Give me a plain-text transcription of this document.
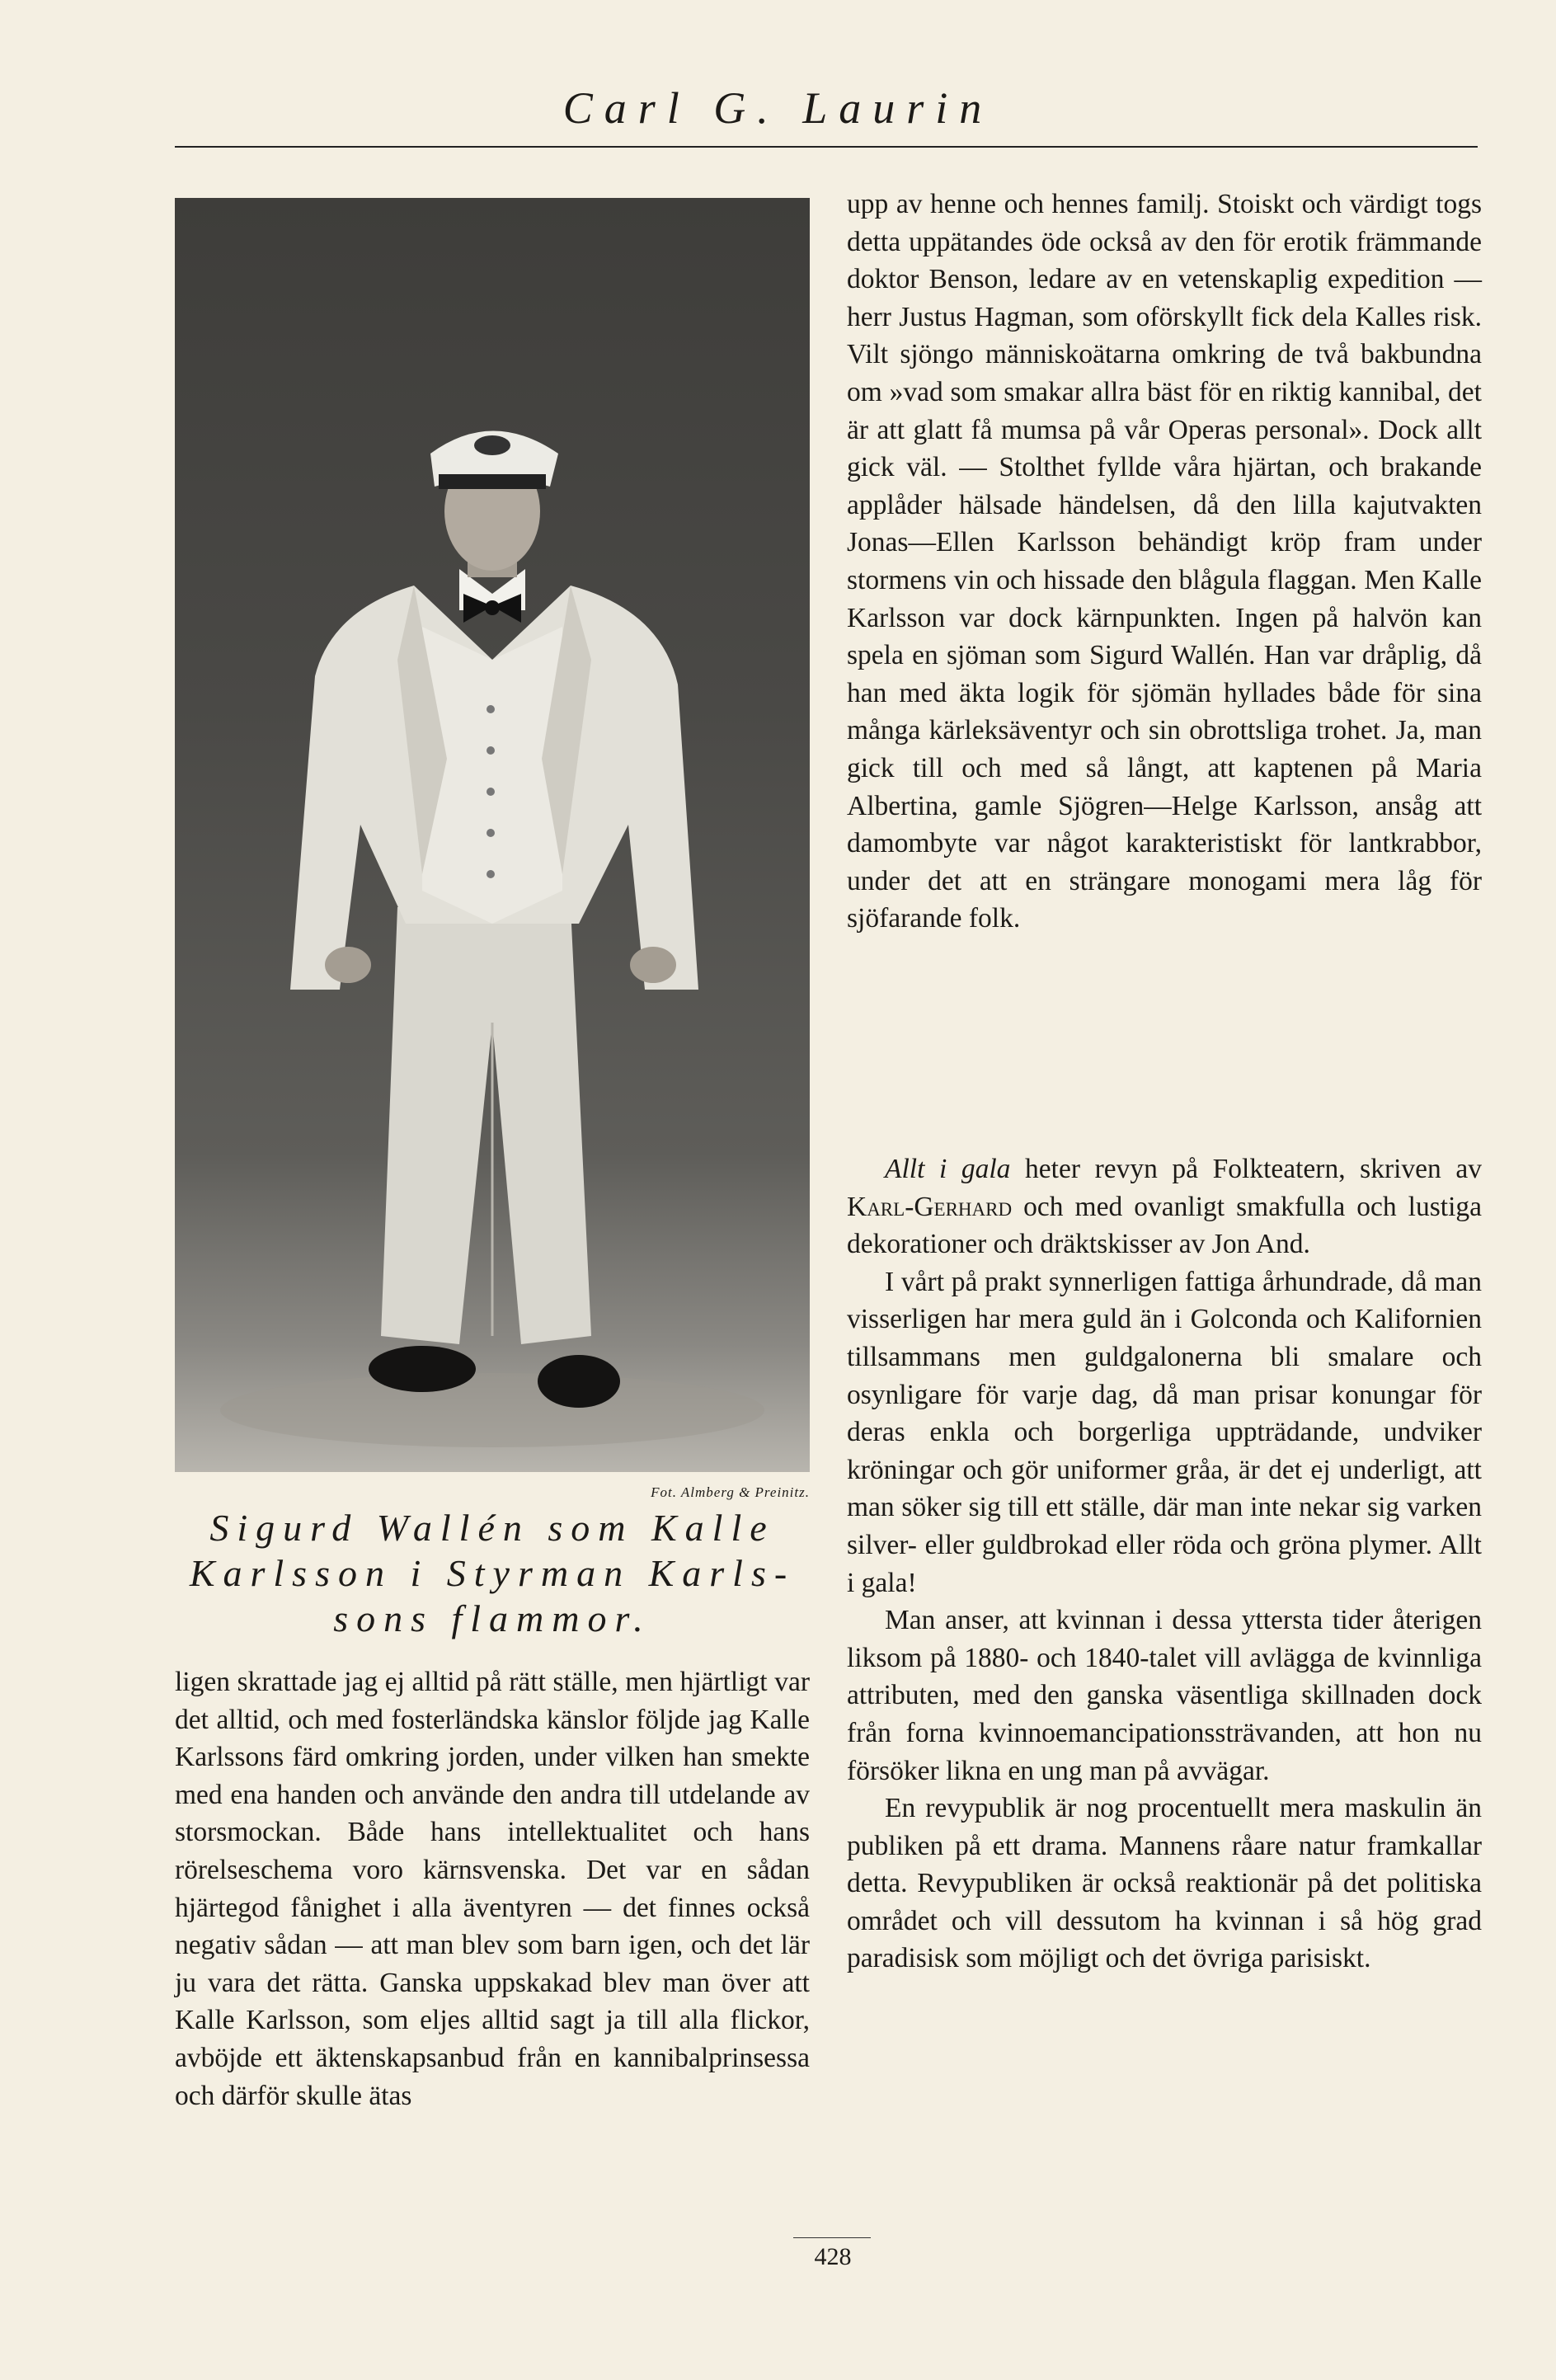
Carl G. Laurin
Fot. Almberg & Preinitz.
Sigurd Wallén som Kalle Karlsson i Styrman Karls-sons flammor.

ligen skrattade jag ej alltid på rätt ställe, men hjärtligt var det alltid, och med fosterländska känslor följde jag Kalle Karlssons färd omkring jorden, under vilken han smekte med ena handen och använde den andra till utdelande av storsmockan. Både hans intellektualitet och hans rörelseschema voro kärnsvenska. Det var en sådan hjärtegod fånighet i alla äventyren — det finnes också negativ sådan — att man blev som barn igen, och det lär ju vara det rätta. Ganska uppskakad blev man över att Kalle Karlsson, som eljes alltid sagt ja till alla flickor, avböjde ett äktenskapsanbud från en kannibalprinsessa och därför skulle ätas

upp av henne och hennes familj. Stoiskt och värdigt togs detta uppätandes öde också av den för erotik främmande doktor Benson, ledare av en vetenskaplig expedition —herr Justus Hagman, som oförskyllt fick dela Kalles risk. Vilt sjöngo människoätarna omkring de två bakbundna om »vad som smakar allra bäst för en riktig kannibal, det är att glatt få mumsa på vår Operas personal». Dock allt gick väl. — Stolthet fyllde våra hjärtan, och brakande applåder hälsade händelsen, då den lilla kajutvakten Jonas—Ellen Karlsson behändigt kröp fram under stormens vin och hissade den blågula flaggan. Men Kalle Karlsson var dock kärnpunkten. Ingen på halvön kan spela en sjöman som Sigurd Wallén. Han var dråplig, då han med äkta logik för sjömän hyllades både för sina många kärleksäventyr och sin obrottsliga trohet. Ja, man gick till och med så långt, att kaptenen på Maria Albertina, gamle Sjögren—Helge Karlsson, ansåg att damombyte var något karakteristiskt för lantkrabbor, under det att en strängare monogami mera låg för sjöfarande folk.

Allt i gala heter revyn på Folkteatern, skriven av Karl-Gerhard och med ovanligt smakfulla och lustiga dekorationer och dräktskisser av Jon And.

I vårt på prakt synnerligen fattiga århundrade, då man visserligen har mera guld än i Golconda och Kalifornien tillsammans men guldgalonerna bli smalare och osynligare för varje dag, då man prisar konungar för deras enkla och borgerliga uppträdande, undviker kröningar och gör uniformer gråa, är det ej underligt, att man söker sig till ett ställe, där man inte nekar sig varken silver- eller guldbrokad eller röda och gröna plymer. Allt i gala!

Man anser, att kvinnan i dessa yttersta tider återigen liksom på 1880- och 1840-talet vill avlägga de kvinnliga attributen, med den ganska väsentliga skillnaden dock från forna kvinnoemancipationssträvanden, att hon nu försöker likna en ung man på avvägar.

En revypublik är nog procentuellt mera maskulin än publiken på ett drama. Mannens råare natur framkallar detta. Revypubliken är också reaktionär på det politiska området och vill dessutom ha kvinnan i så hög grad paradisisk som möjligt och det övriga parisiskt.

428
